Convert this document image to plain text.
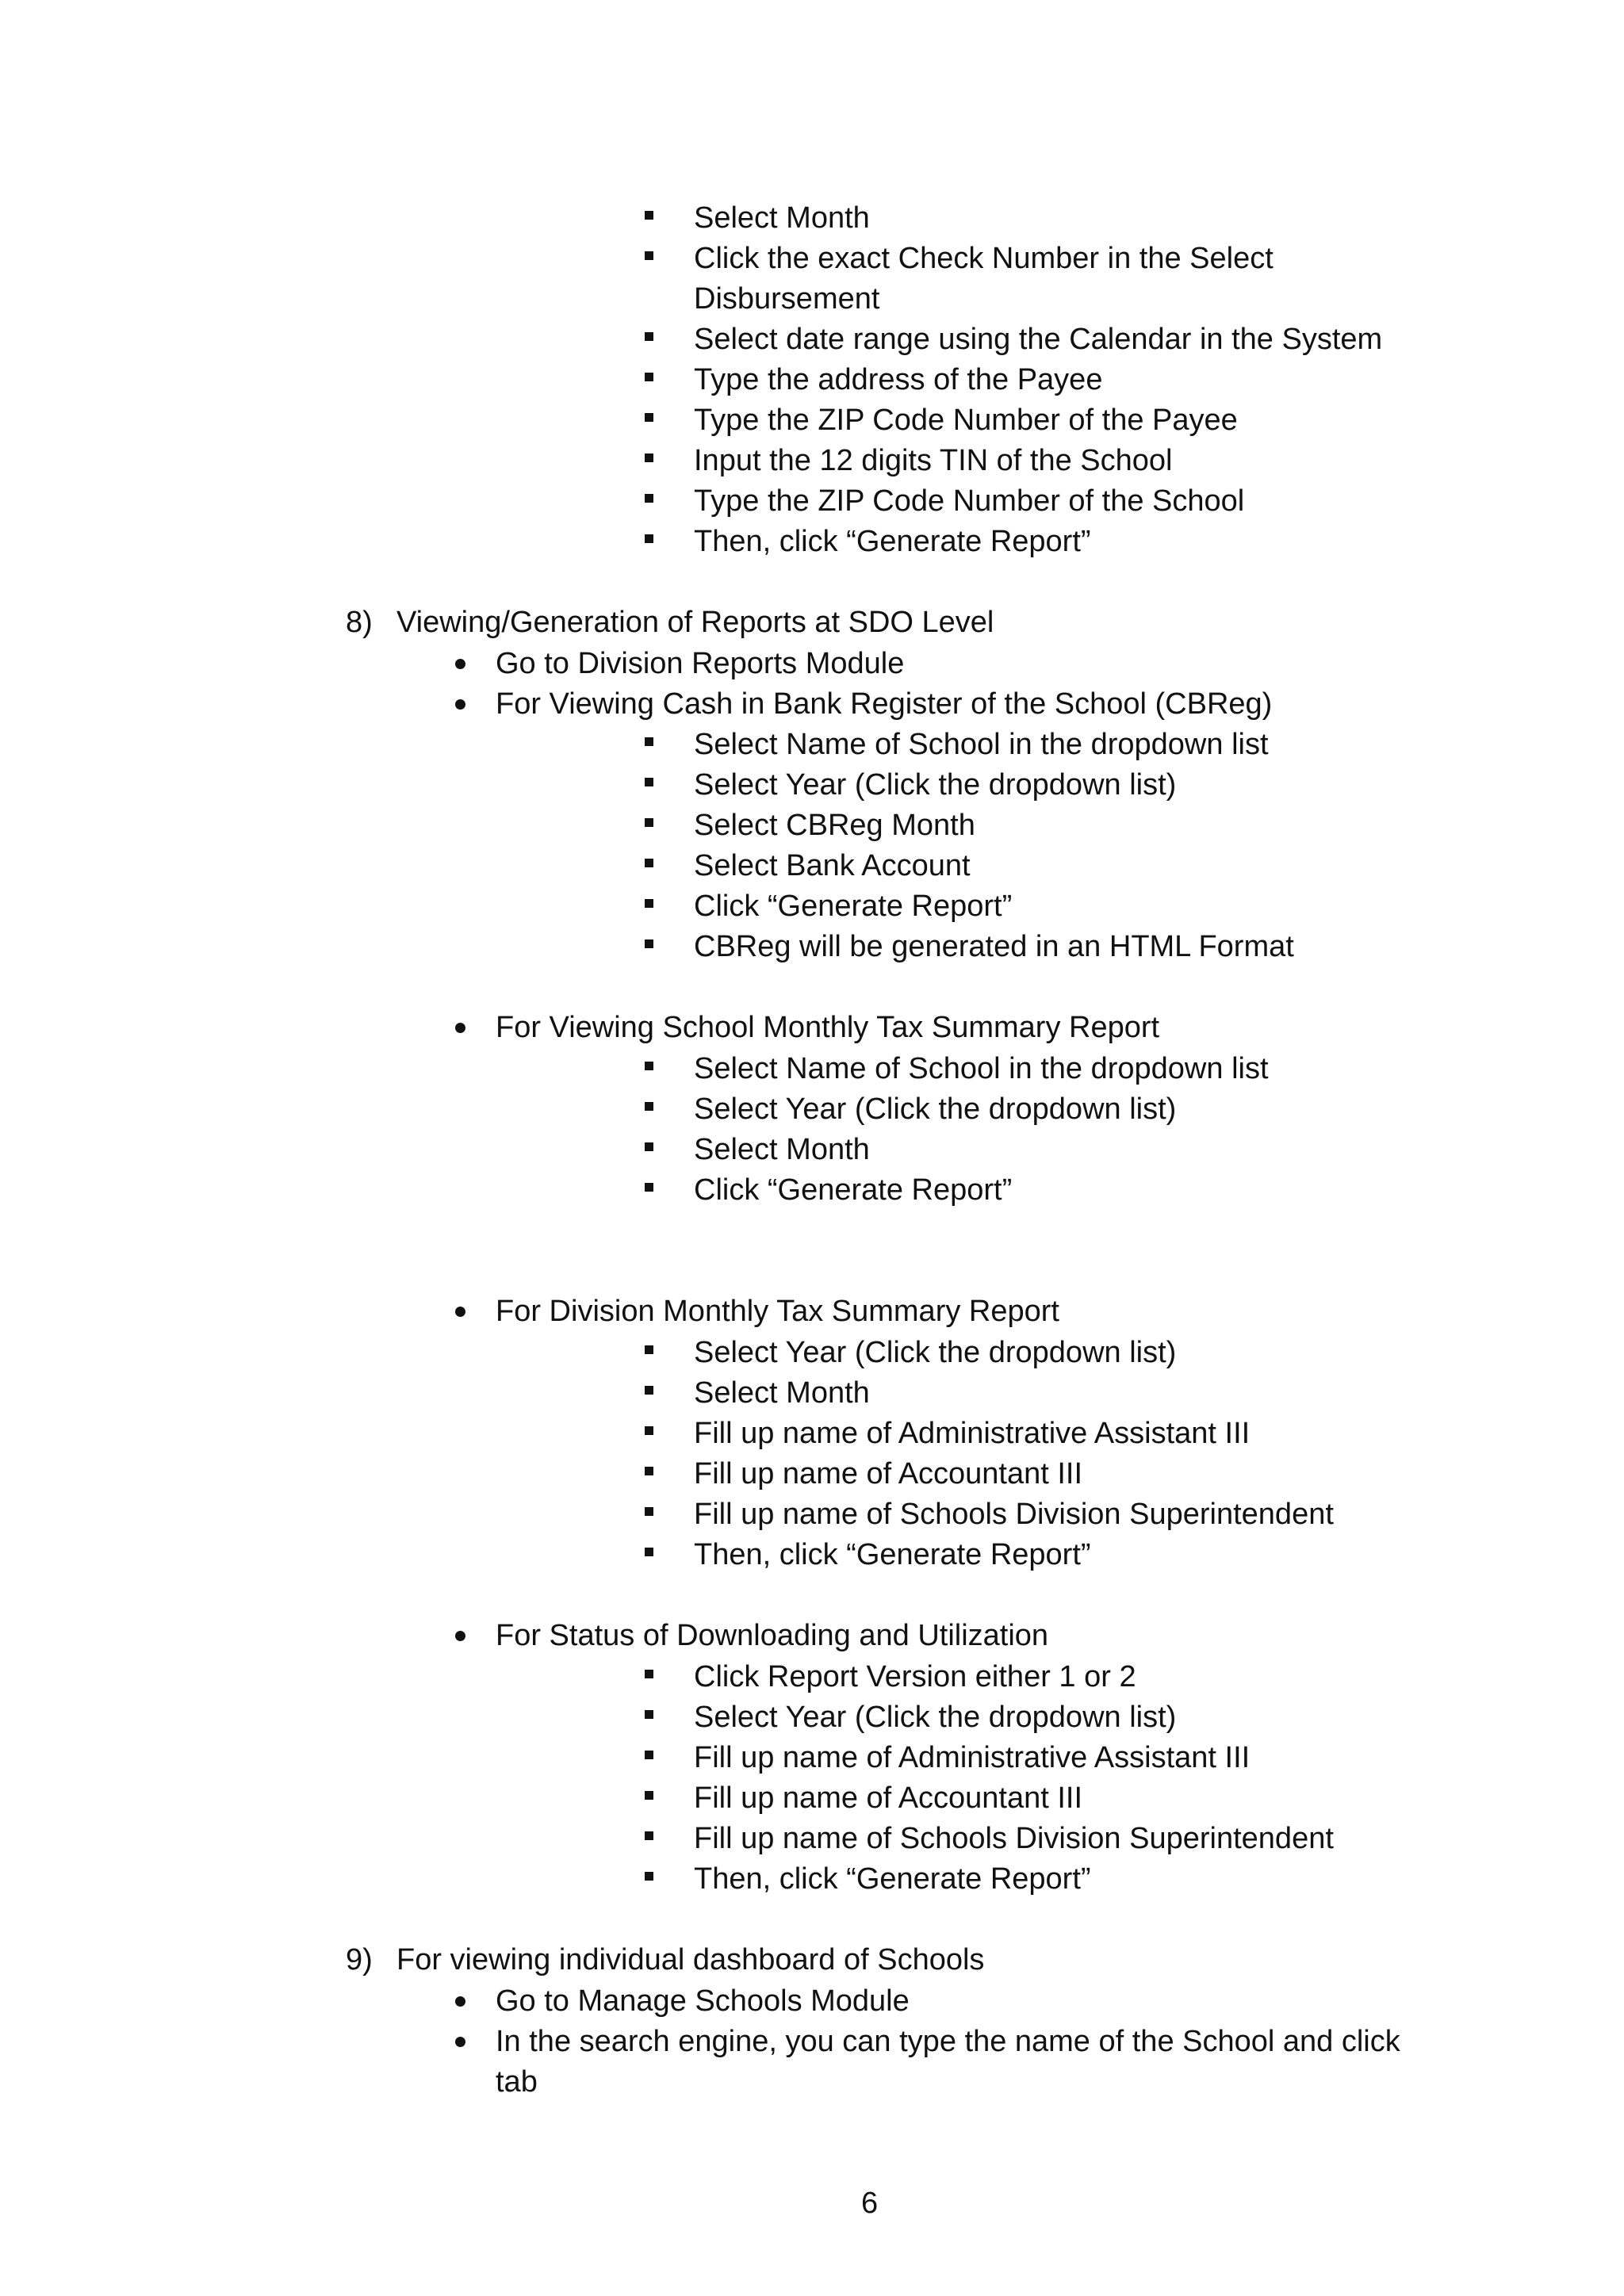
Select Month
Click the exact Check Number in the Select
Disbursement
Select date range using the Calendar in the System
Type the address of the Payee
Type the ZIP Code Number of the Payee
Input the 12 digits TIN of the School
Type the ZIP Code Number of the School
Then, click “Generate Report”
8) Viewing/Generation of Reports at SDO Level
Go to Division Reports Module
For Viewing Cash in Bank Register of the School (CBReg)
Select Name of School in the dropdown list
Select Year (Click the dropdown list)
Select CBReg Month
Select Bank Account
Click “Generate Report”
CBReg will be generated in an HTML Format
For Viewing School Monthly Tax Summary Report
Select Name of School in the dropdown list
Select Year (Click the dropdown list)
Select Month
Click “Generate Report”
For Division Monthly Tax Summary Report
Select Year (Click the dropdown list)
Select Month
Fill up name of Administrative Assistant III
Fill up name of Accountant III
Fill up name of Schools Division Superintendent
Then, click “Generate Report”
For Status of Downloading and Utilization
Click Report Version either 1 or 2
Select Year (Click the dropdown list)
Fill up name of Administrative Assistant III
Fill up name of Accountant III
Fill up name of Schools Division Superintendent
Then, click “Generate Report”
9) For viewing individual dashboard of Schools
Go to Manage Schools Module
In the search engine, you can type the name of the School and click
tab
6
